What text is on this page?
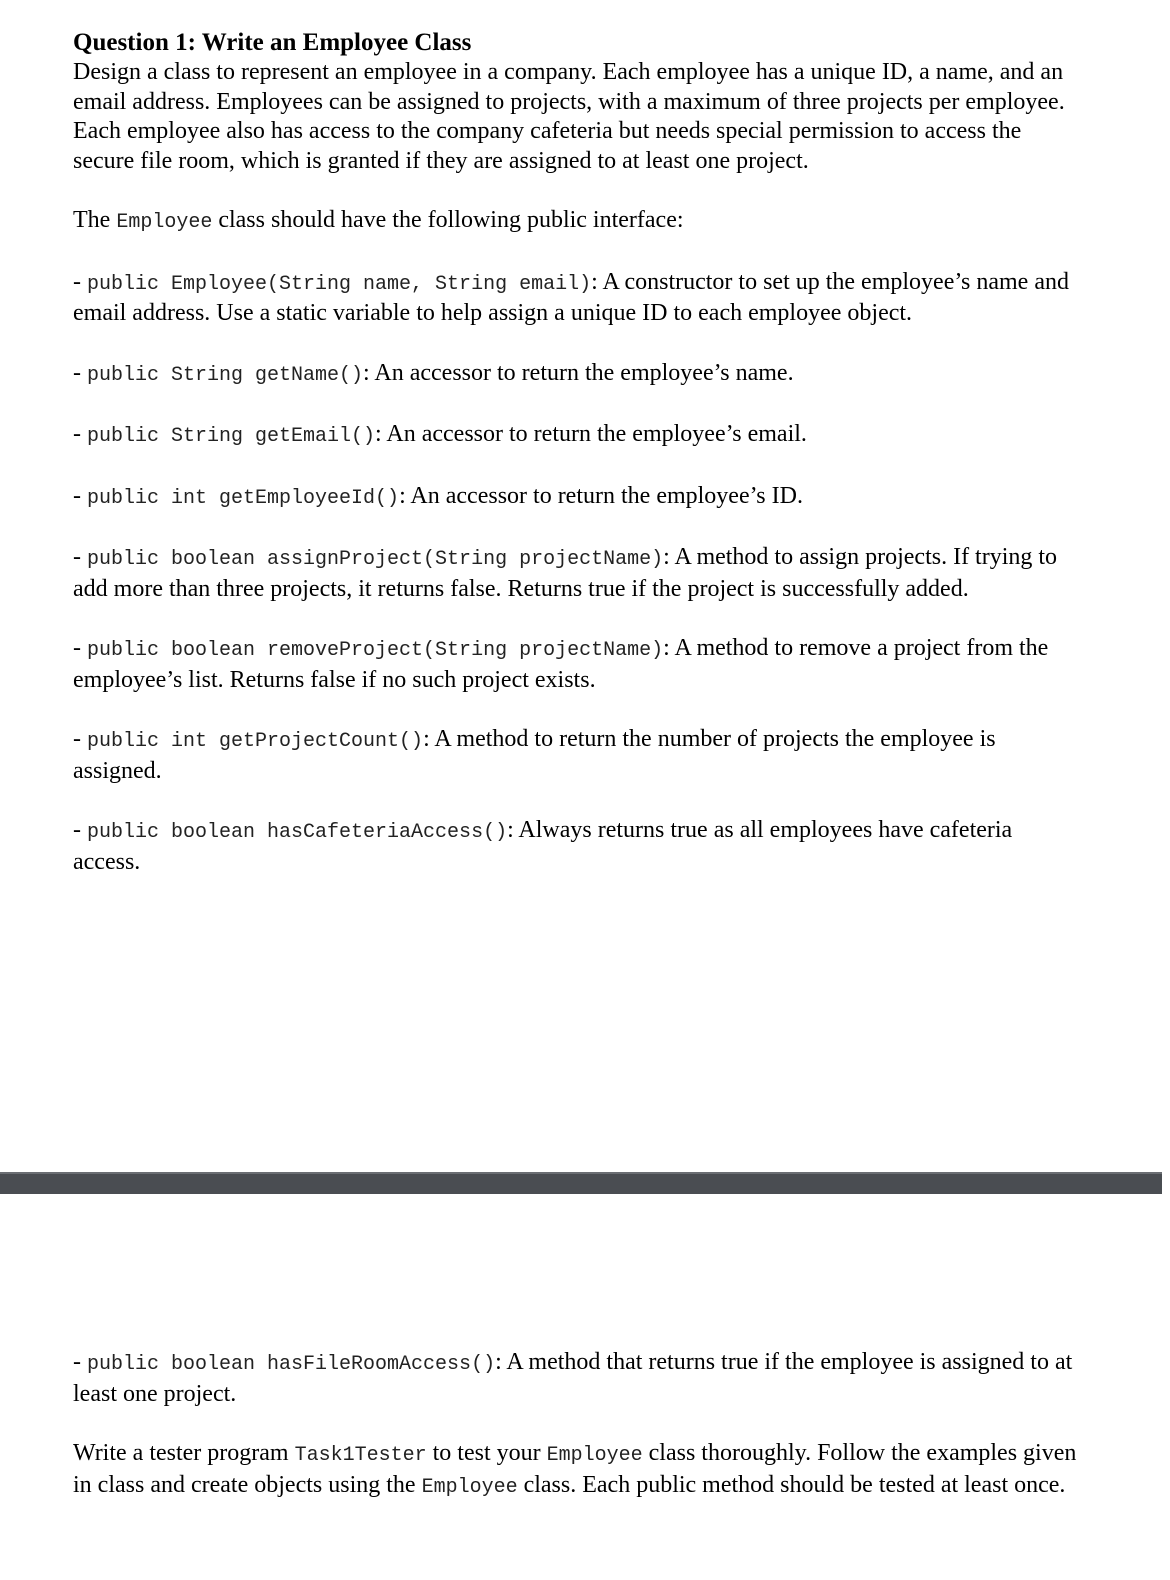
Question 1: Write an Employee Class

Design a class to represent an employee in a company. Each employee has a unique ID, a name, and an email address. Employees can be assigned to projects, with a maximum of three projects per employee. Each employee also has access to the company cafeteria but needs special permission to access the secure file room, which is granted if they are assigned to at least one project.

The Employee class should have the following public interface:

- public Employee(String name, String email): A constructor to set up the employee’s name and email address. Use a static variable to help assign a unique ID to each employee object.

- public String getName(): An accessor to return the employee’s name.

- public String getEmail(): An accessor to return the employee’s email.

- public int getEmployeeId(): An accessor to return the employee’s ID.

- public boolean assignProject(String projectName): A method to assign projects. If trying to add more than three projects, it returns false. Returns true if the project is successfully added.

- public boolean removeProject(String projectName): A method to remove a project from the employee’s list. Returns false if no such project exists.

- public int getProjectCount(): A method to return the number of projects the employee is assigned.

- public boolean hasCafeteriaAccess(): Always returns true as all employees have cafeteria access.

- public boolean hasFileRoomAccess(): A method that returns true if the employee is assigned to at least one project.

Write a tester program Task1Tester to test your Employee class thoroughly. Follow the examples given in class and create objects using the Employee class. Each public method should be tested at least once.
